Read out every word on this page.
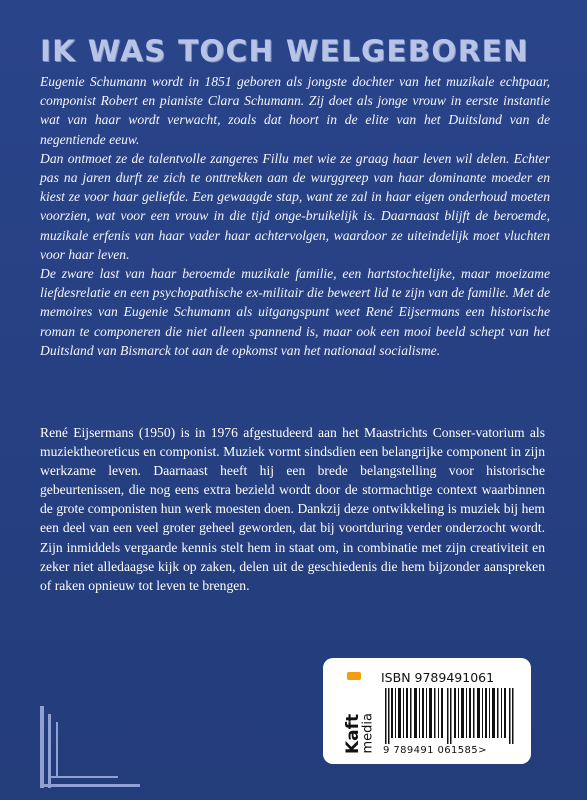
IK WAS TOCH WELGEBOREN

Eugenie Schumann wordt in 1851 geboren als jongste dochter van het muzikale echtpaar, componist Robert en pianiste Clara Schumann. Zij doet als jonge vrouw in eerste instantie wat van haar wordt verwacht, zoals dat hoort in de elite van het Duitsland van de negentiende eeuw.

Dan ontmoet ze de talentvolle zangeres Fillu met wie ze graag haar leven wil delen. Echter pas na jaren durft ze zich te onttrekken aan de wurggreep van haar dominante moeder en kiest ze voor haar geliefde. Een gewaagde stap, want ze zal in haar eigen onderhoud moeten voorzien, wat voor een vrouw in die tijd onge-bruikelijk is. Daarnaast blijft de beroemde, muzikale erfenis van haar vader haar achtervolgen, waardoor ze uiteindelijk moet vluchten voor haar leven.

De zware last van haar beroemde muzikale familie, een hartstochtelijke, maar moeizame liefdesrelatie en een psychopathische ex-militair die beweert lid te zijn van de familie. Met de memoires van Eugenie Schumann als uitgangspunt weet René Eijsermans een historische roman te componeren die niet alleen spannend is, maar ook een mooi beeld schept van het Duitsland van Bismarck tot aan de opkomst van het nationaal socialisme.

René Eijsermans (1950) is in 1976 afgestudeerd aan het Maastrichts Conser-vatorium als muziektheoreticus en componist. Muziek vormt sindsdien een belangrijke component in zijn werkzame leven. Daarnaast heeft hij een brede belangstelling voor historische gebeurtenissen, die nog eens extra bezield wordt door de stormachtige context waarbinnen de grote componisten hun werk moesten doen. Dankzij deze ontwikkeling is muziek bij hem een deel van een veel groter geheel geworden, dat bij voortduring verder onderzocht wordt. Zijn inmiddels vergaarde kennis stelt hem in staat om, in combinatie met zijn creativiteit en zeker niet alledaagse kijk op zaken, delen uit de geschiedenis die hem bijzonder aanspreken of raken opnieuw tot leven te brengen.

Kaft
media
ISBN 9789491061
9 789491 061585>
